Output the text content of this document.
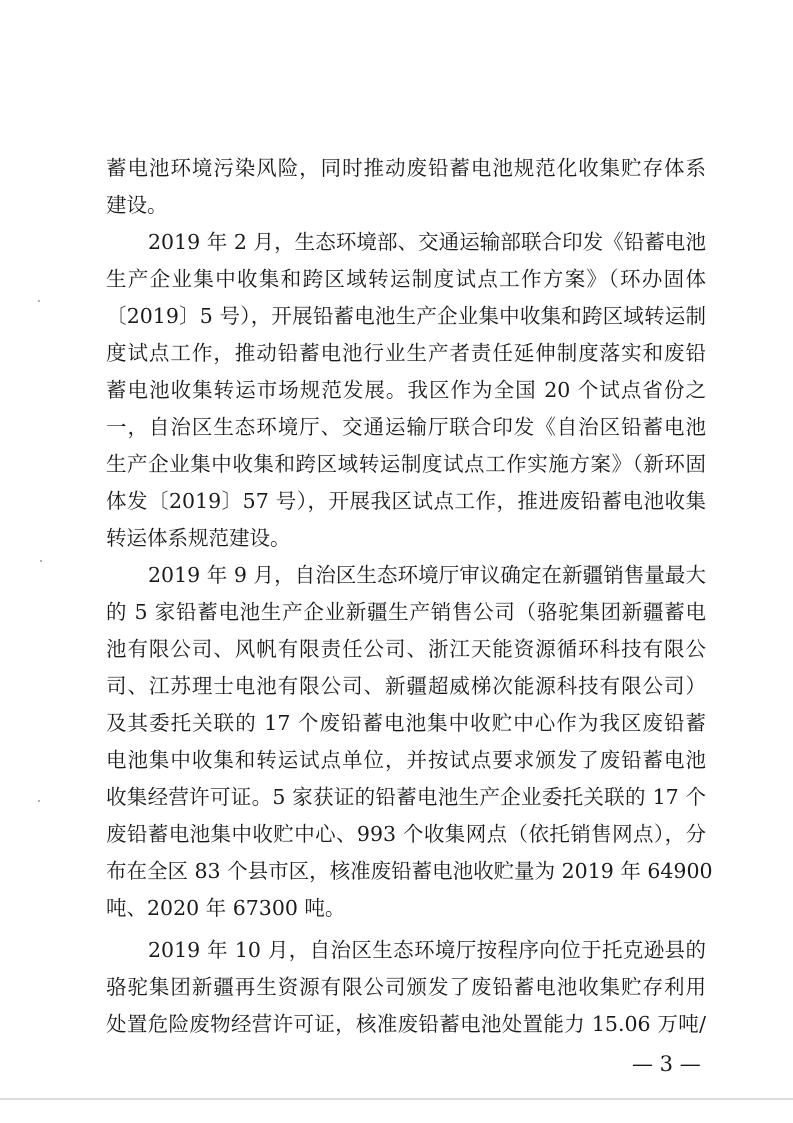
蓄电池环境污染风险，同时推动废铅蓄电池规范化收集贮存体系
建设。
2019 年 2 月，生态环境部、交通运输部联合印发《铅蓄电池
生产企业集中收集和跨区域转运制度试点工作方案》（环办固体
〔2019〕5 号），开展铅蓄电池生产企业集中收集和跨区域转运制
度试点工作，推动铅蓄电池行业生产者责任延伸制度落实和废铅
蓄电池收集转运市场规范发展。我区作为全国 20 个试点省份之
一，自治区生态环境厅、交通运输厅联合印发《自治区铅蓄电池
生产企业集中收集和跨区域转运制度试点工作实施方案》（新环固
体发〔2019〕57 号），开展我区试点工作，推进废铅蓄电池收集
转运体系规范建设。
2019 年 9 月，自治区生态环境厅审议确定在新疆销售量最大
的 5 家铅蓄电池生产企业新疆生产销售公司（骆驼集团新疆蓄电
池有限公司、风帆有限责任公司、浙江天能资源循环科技有限公
司、江苏理士电池有限公司、新疆超威梯次能源科技有限公司）
及其委托关联的 17 个废铅蓄电池集中收贮中心作为我区废铅蓄
电池集中收集和转运试点单位，并按试点要求颁发了废铅蓄电池
收集经营许可证。5 家获证的铅蓄电池生产企业委托关联的 17 个
废铅蓄电池集中收贮中心、993 个收集网点（依托销售网点），分
布在全区 83 个县市区，核准废铅蓄电池收贮量为 2019 年 64900
吨、2020 年 67300 吨。
2019 年 10 月，自治区生态环境厅按程序向位于托克逊县的
骆驼集团新疆再生资源有限公司颁发了废铅蓄电池收集贮存利用
处置危险废物经营许可证，核准废铅蓄电池处置能力 15.06 万吨/
— 3 —
